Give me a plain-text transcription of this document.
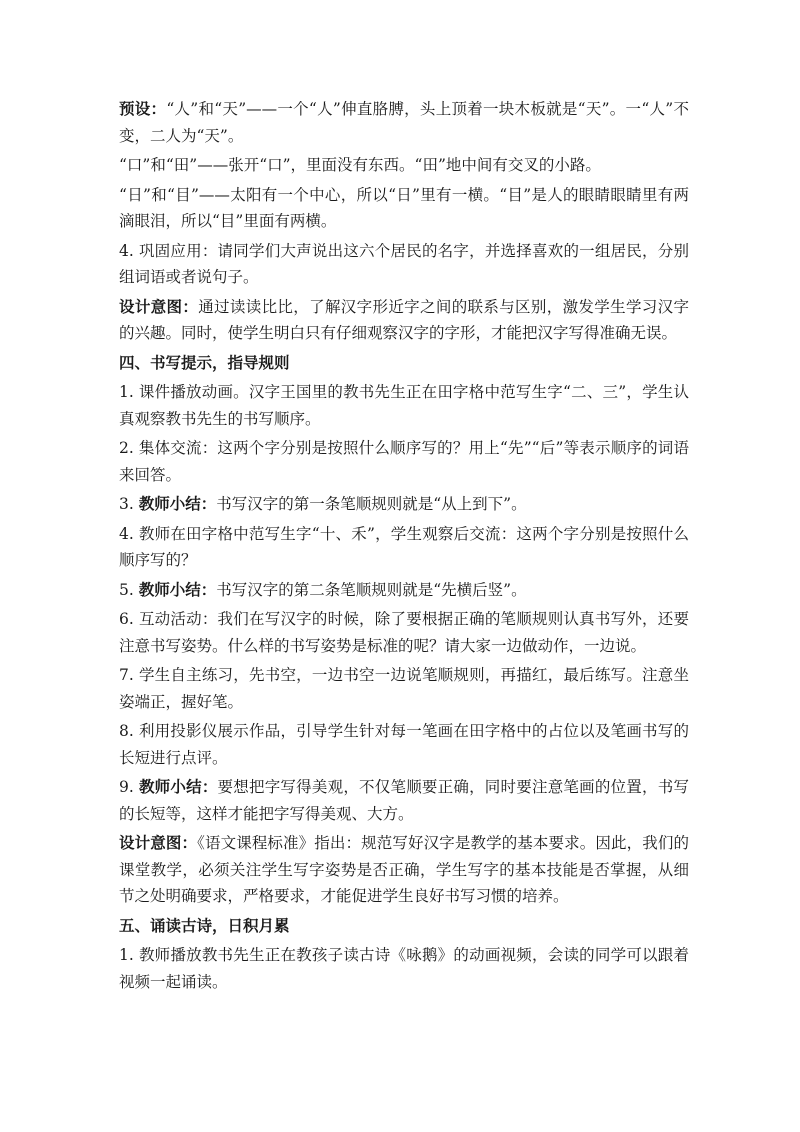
预设：“人”和“天”——一个“人”伸直胳膊，头上顶着一块木板就是“天”。一“人”不变，二人为“天”。

“口”和“田”——张开“口”，里面没有东西。“田”地中间有交叉的小路。

“日”和“目”——太阳有一个中心，所以“日”里有一横。“目”是人的眼睛眼睛里有两滴眼泪，所以“目”里面有两横。

4. 巩固应用：请同学们大声说出这六个居民的名字，并选择喜欢的一组居民，分别组词语或者说句子。

设计意图：通过读读比比，了解汉字形近字之间的联系与区别，激发学生学习汉字的兴趣。同时，使学生明白只有仔细观察汉字的字形，才能把汉字写得准确无误。

四、书写提示，指导规则

1. 课件播放动画。汉字王国里的教书先生正在田字格中范写生字“二、三”，学生认真观察教书先生的书写顺序。

2. 集体交流：这两个字分别是按照什么顺序写的？用上“先”“后”等表示顺序的词语来回答。

3. 教师小结：书写汉字的第一条笔顺规则就是“从上到下”。

4. 教师在田字格中范写生字“十、禾”，学生观察后交流：这两个字分别是按照什么顺序写的？

5. 教师小结：书写汉字的第二条笔顺规则就是“先横后竖”。

6. 互动活动：我们在写汉字的时候，除了要根据正确的笔顺规则认真书写外，还要注意书写姿势。什么样的书写姿势是标准的呢？请大家一边做动作，一边说。

7. 学生自主练习，先书空，一边书空一边说笔顺规则，再描红，最后练写。注意坐姿端正，握好笔。

8. 利用投影仪展示作品，引导学生针对每一笔画在田字格中的占位以及笔画书写的长短进行点评。

9. 教师小结：要想把字写得美观，不仅笔顺要正确，同时要注意笔画的位置，书写的长短等，这样才能把字写得美观、大方。

设计意图：《语文课程标准》指出：规范写好汉字是教学的基本要求。因此，我们的课堂教学，必须关注学生写字姿势是否正确，学生写字的基本技能是否掌握，从细节之处明确要求，严格要求，才能促进学生良好书写习惯的培养。

五、诵读古诗，日积月累

1. 教师播放教书先生正在教孩子读古诗《咏鹅》的动画视频，会读的同学可以跟着视频一起诵读。
